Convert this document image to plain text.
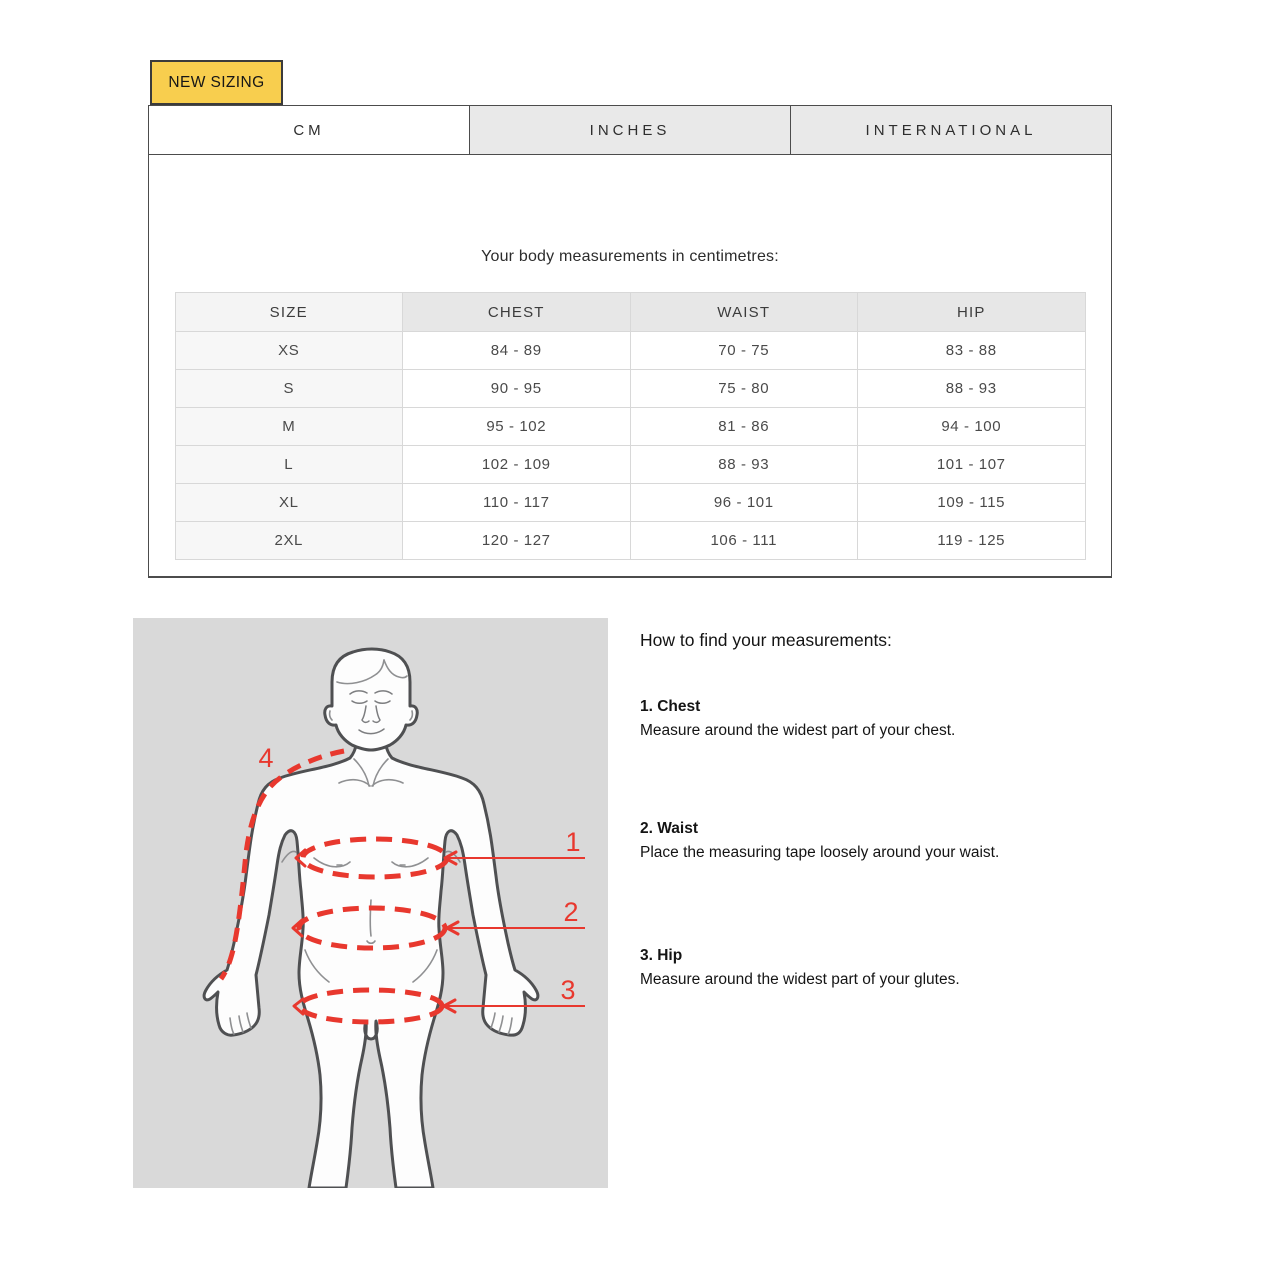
NEW SIZING
CM	INCHES	INTERNATIONAL
Your body measurements in centimetres:
SIZE	CHEST	WAIST	HIP
XS	84 - 89	70 - 75	83 - 88
S	90 - 95	75 - 80	88 - 93
M	95 - 102	81 - 86	94 - 100
L	102 - 109	88 - 93	101 - 107
XL	110 - 117	96 - 101	109 - 115
2XL	120 - 127	106 - 111	119 - 125
1
2
3
4
How to find your measurements:
1. Chest
Measure around the widest part of your chest.
2. Waist
Place the measuring tape loosely around your waist.
3. Hip
Measure around the widest part of your glutes.
